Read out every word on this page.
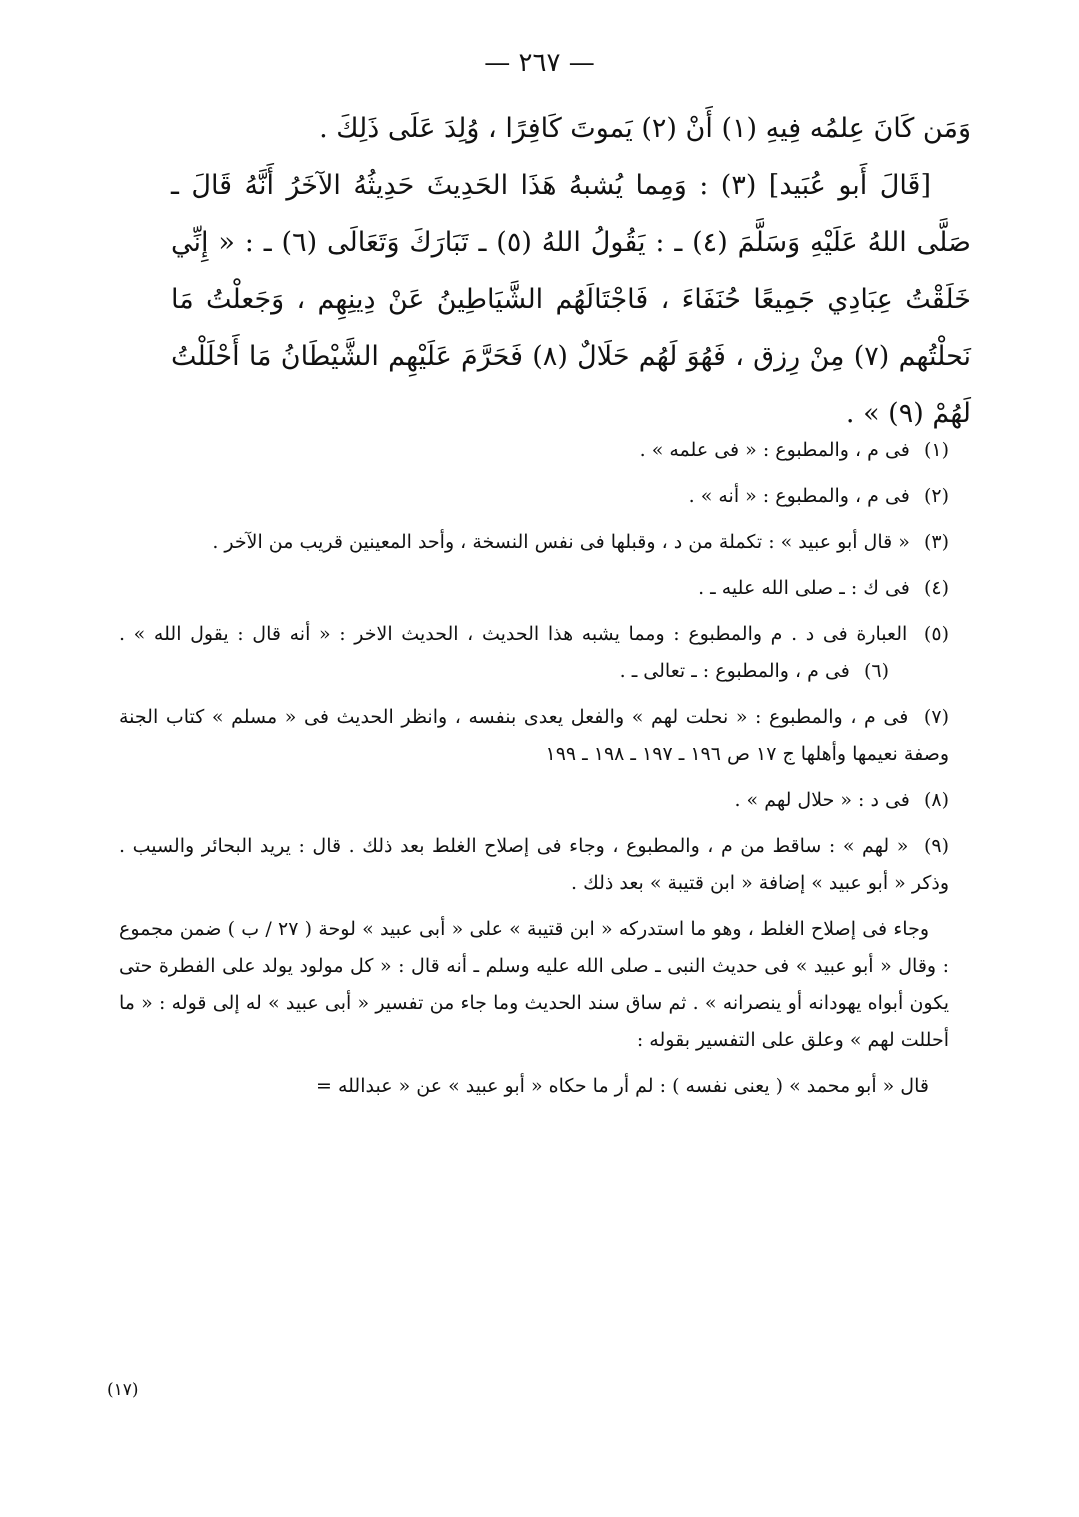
— ٢٦٧ —

وَمَن كَانَ عِلمُه فِيهِ (١) أَنْ (٢) يَموتَ كَافِرًا ، وُلِدَ عَلَى ذَلِكَ .

[قَالَ أَبو عُبَيد] (٣) : وَمِما يُشبهُ هَذَا الحَدِيثَ حَدِيثُهُ الآخَرُ أَنَّهُ قَالَ ـ صَلَّى اللهُ عَلَيْهِ وَسَلَّمَ (٤) ـ : يَقُولُ اللهُ (٥) ـ تَبَارَكَ وَتَعَالَى (٦) ـ : « إِنِّي خَلَقْتُ عِبَادِي جَمِيعًا حُنَفَاءَ ، فَاجْتَالَهُم الشَّيَاطِينُ عَنْ دِينِهِم ، وَجَعلْتُ مَا نَحلْتُهم (٧) مِنْ رِزق ، فَهُوَ لَهُم حَلَالٌ (٨) فَحَرَّمَ عَلَيْهِم الشَّيْطَانُ مَا أَحْلَلْتُ لَهُمْ (٩) » .

(١) فى م ، والمطبوع : « فى علمه » .

(٢) فى م ، والمطبوع : « أنه » .

(٣) « قال أبو عبيد » : تكملة من د ، وقبلها فى نفس النسخة ، وأحد المعينين قريب من الآخر .

(٤) فى ك : ـ صلى الله عليه ـ .

(٥) العبارة فى د . م والمطبوع : ومما يشبه هذا الحديث ، الحديث الاخر : « أنه قال : يقول الله » . (٦) فى م ، والمطبوع : ـ تعالى ـ .

(٧) فى م ، والمطبوع : « نحلت لهم » والفعل يعدى بنفسه ، وانظر الحديث فى « مسلم » كتاب الجنة وصفة نعيمها وأهلها ج ١٧ ص ١٩٦ ـ ١٩٧ ـ ١٩٨ ـ ١٩٩

(٨) فى د : « حلال لهم » .

(٩) « لهم » : ساقط من م ، والمطبوع ، وجاء فى إصلاح الغلط بعد ذلك . قال : يريد البحائر والسيب . وذكر « أبو عبيد » إضافة « ابن قتيبة » بعد ذلك .

وجاء فى إصلاح الغلط ، وهو ما استدركه « ابن قتيبة » على « أبى عبيد » لوحة ( ٢٧ / ب ) ضمن مجموع : وقال « أبو عبيد » فى حديث النبى ـ صلى الله عليه وسلم ـ أنه قال : « كل مولود يولد على الفطرة حتى يكون أبواه يهودانه أو ينصرانه » . ثم ساق سند الحديث وما جاء من تفسير « أبى عبيد » له إلى قوله : « ما أحللت لهم » وعلق على التفسير بقوله :

قال « أبو محمد » ( يعنى نفسه ) : لم أر ما حكاه « أبو عبيد » عن « عبدالله =

(١٧)
